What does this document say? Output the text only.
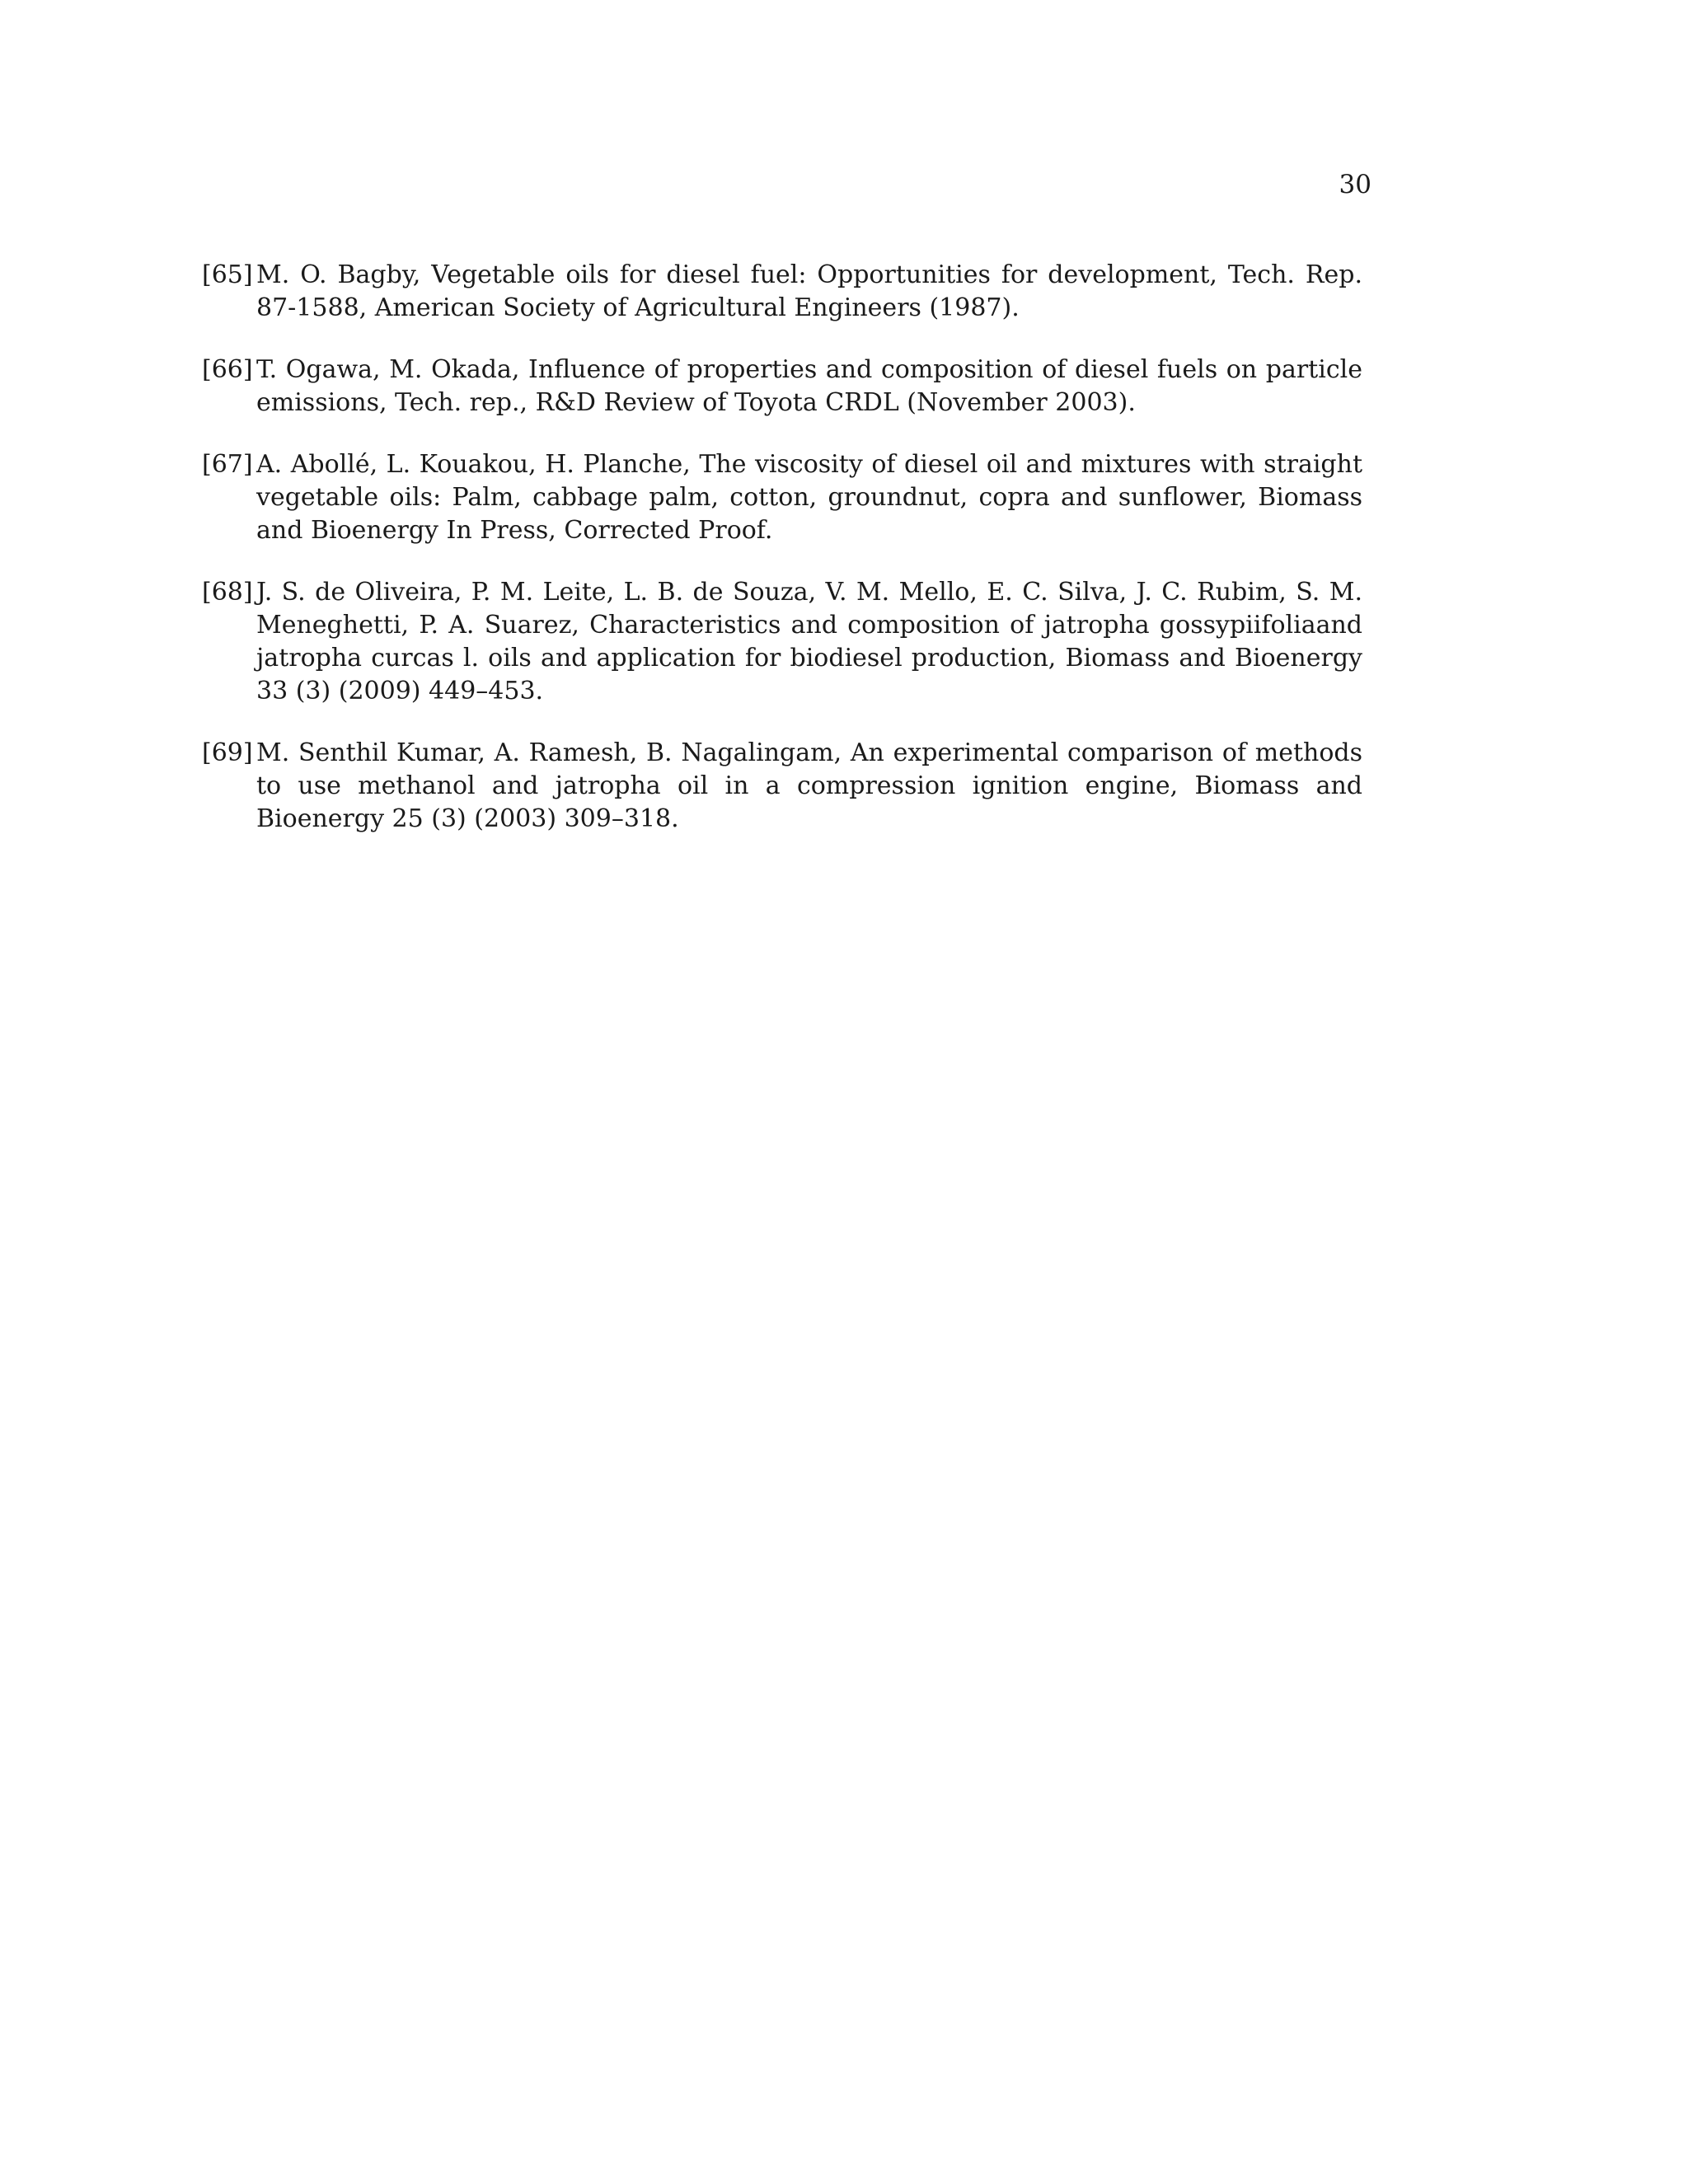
30
[65] M. O. Bagby, Vegetable oils for diesel fuel: Opportunities for development, Tech. Rep. 87-1588, American Society of Agricultural Engineers (1987).
[66] T. Ogawa, M. Okada, Influence of properties and composition of diesel fuels on particle emissions, Tech. rep., R&D Review of Toyota CRDL (November 2003).
[67] A. Abollé, L. Kouakou, H. Planche, The viscosity of diesel oil and mixtures with straight vegetable oils: Palm, cabbage palm, cotton, groundnut, copra and sunflower, Biomass and Bioenergy In Press, Corrected Proof.
[68] J. S. de Oliveira, P. M. Leite, L. B. de Souza, V. M. Mello, E. C. Silva, J. C. Rubim, S. M. Meneghetti, P. A. Suarez, Characteristics and composition of jatropha gossypiifoliaand jatropha curcas l. oils and application for biodiesel production, Biomass and Bioenergy 33 (3) (2009) 449–453.
[69] M. Senthil Kumar, A. Ramesh, B. Nagalingam, An experimental comparison of methods to use methanol and jatropha oil in a compression ignition engine, Biomass and Bioenergy 25 (3) (2003) 309–318.
